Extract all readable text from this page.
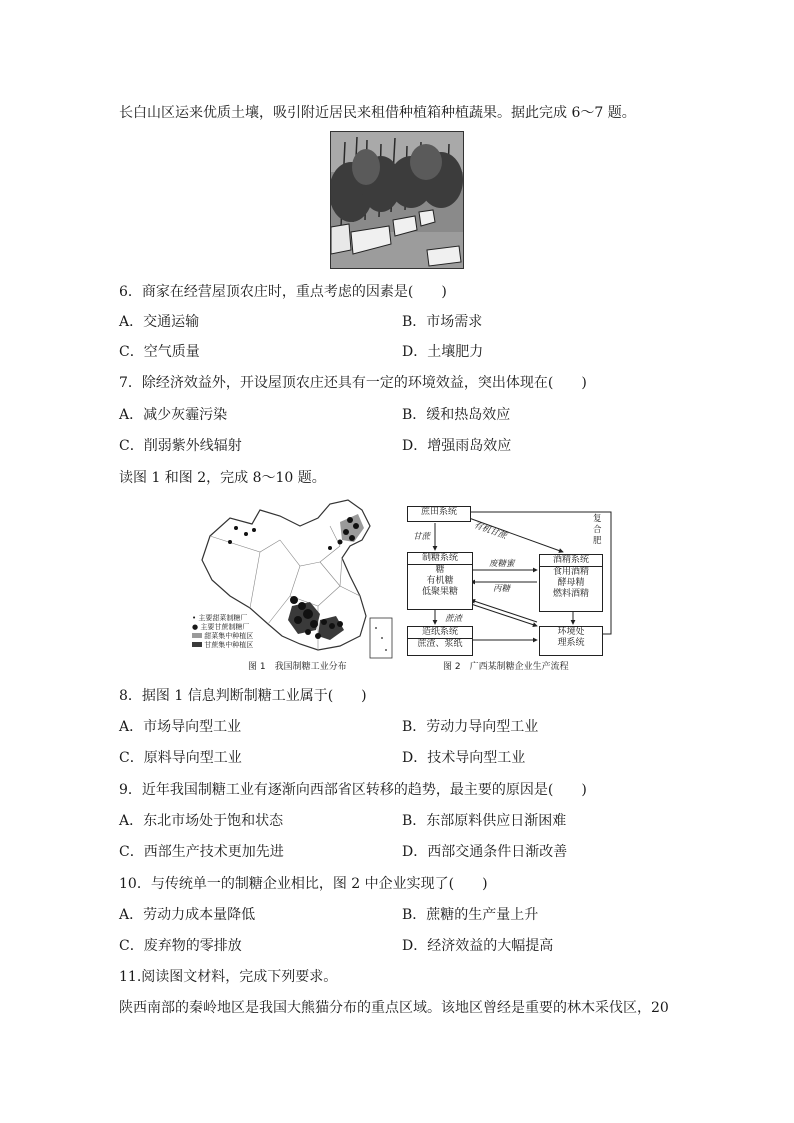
长白山区运来优质土壤，吸引附近居民来租借种植箱种植蔬果。据此完成 6～7 题。
6．商家在经营屋顶农庄时，重点考虑的因素是(　　)
A．交通运输	B．市场需求
C．空气质量	D．土壤肥力
7．除经济效益外，开设屋顶农庄还具有一定的环境效益，突出体现在(　　)
A．减少灰霾污染	B．缓和热岛效应
C．削弱紫外线辐射	D．增强雨岛效应
读图 1 和图 2，完成 8～10 题。
• 主要甜菜制糖厂
● 主要甘蔗制糖厂
甜菜集中种植区
甘蔗集中种植区
图 1　我国制糖工业分布
蔗田系统
制糖系统
糖
有机糖
低聚果糖
酒精系统
食用酒精
酵母精
燃料酒精
造纸系统
蔗渣、浆纸
环境处
理系统
甘蔗	有机甘蔗
废糖蜜
丙糖
蔗渣
复
合
肥
图 2　广西某制糖企业生产流程
8．据图 1 信息判断制糖工业属于(　　)
A．市场导向型工业	B．劳动力导向型工业
C．原料导向型工业	D．技术导向型工业
9．近年我国制糖工业有逐渐向西部省区转移的趋势，最主要的原因是(　　)
A．东北市场处于饱和状态	B．东部原料供应日渐困难
C．西部生产技术更加先进	D．西部交通条件日渐改善
10．与传统单一的制糖企业相比，图 2 中企业实现了(　　)
A．劳动力成本量降低	B．蔗糖的生产量上升
C．废弃物的零排放	D．经济效益的大幅提高
11.阅读图文材料，完成下列要求。
陕西南部的秦岭地区是我国大熊猫分布的重点区域。该地区曾经是重要的林木采伐区，20
